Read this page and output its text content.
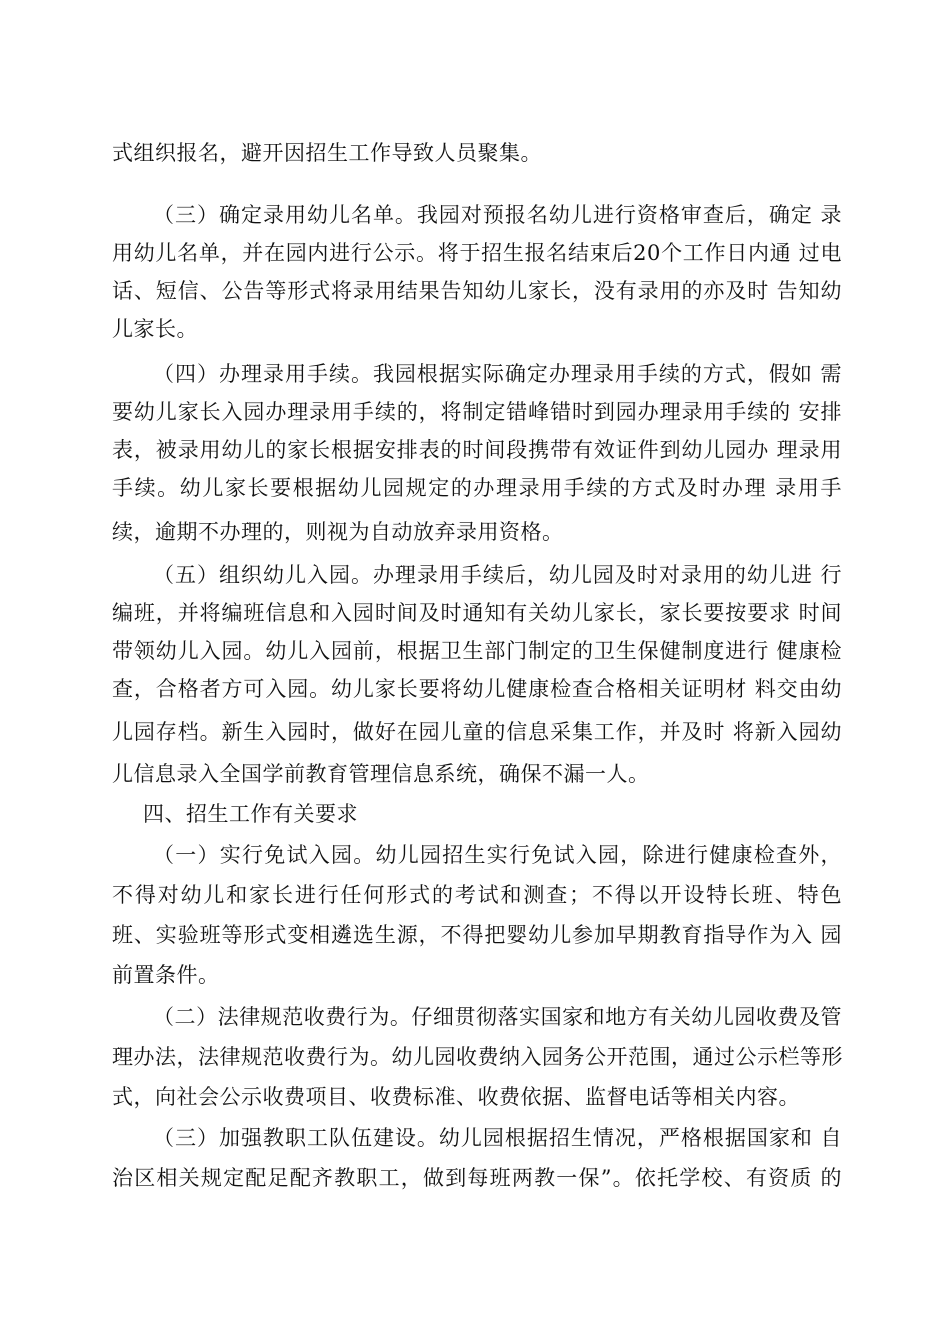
式组织报名，避开因招生工作导致人员聚集。
（三）确定录用幼儿名单。我园对预报名幼儿进行资格审查后，确定 录
用幼儿名单，并在园内进行公示。将于招生报名结束后20个工作日内通 过电
话、短信、公告等形式将录用结果告知幼儿家长，没有录用的亦及时 告知幼
儿家长。
（四）办理录用手续。我园根据实际确定办理录用手续的方式，假如 需
要幼儿家长入园办理录用手续的，将制定错峰错时到园办理录用手续的 安排
表，被录用幼儿的家长根据安排表的时间段携带有效证件到幼儿园办 理录用
手续。幼儿家长要根据幼儿园规定的办理录用手续的方式及时办理 录用手
续，逾期不办理的，则视为自动放弃录用资格。
（五）组织幼儿入园。办理录用手续后，幼儿园及时对录用的幼儿进 行
编班，并将编班信息和入园时间及时通知有关幼儿家长，家长要按要求 时间
带领幼儿入园。幼儿入园前，根据卫生部门制定的卫生保健制度进行 健康检
查，合格者方可入园。幼儿家长要将幼儿健康检查合格相关证明材 料交由幼
儿园存档。新生入园时，做好在园儿童的信息采集工作，并及时 将新入园幼
儿信息录入全国学前教育管理信息系统，确保不漏一人。
四、招生工作有关要求
（一）实行免试入园。幼儿园招生实行免试入园，除进行健康检查外，
不得对幼儿和家长进行任何形式的考试和测查；不得以开设特长班、特色
班、实验班等形式变相遴选生源，不得把婴幼儿参加早期教育指导作为入 园
前置条件。
（二）法律规范收费行为。仔细贯彻落实国家和地方有关幼儿园收费及管
理办法，法律规范收费行为。幼儿园收费纳入园务公开范围，通过公示栏等形
式，向社会公示收费项目、收费标准、收费依据、监督电话等相关内容。
（三）加强教职工队伍建设。幼儿园根据招生情况，严格根据国家和 自
治区相关规定配足配齐教职工，做到每班两教一保”。依托学校、有资质 的
